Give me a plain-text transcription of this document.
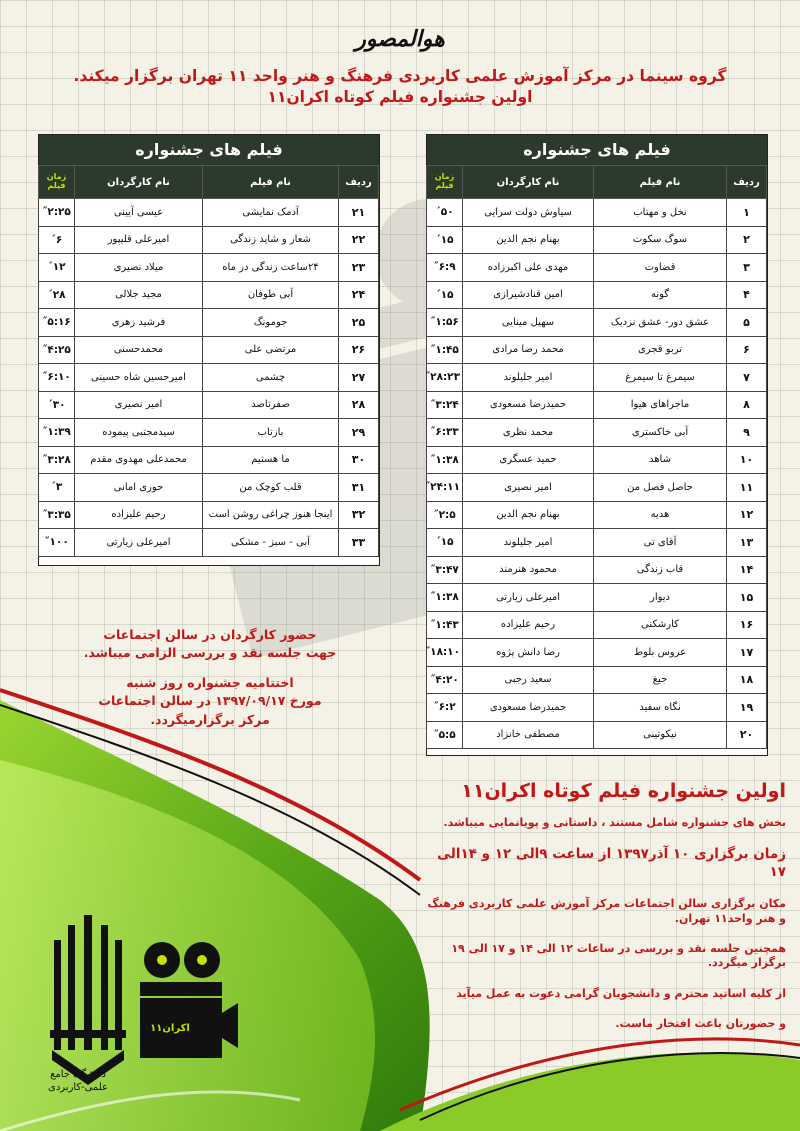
هوالمصور
گروه سینما در مرکز آموزش علمی کاربردی فرهنگ و هنر واحد ۱۱ تهران برگزار میکند.
اولین جشنواره فیلم کوتاه اکران۱۱
فیلم های جشنواره
ردیف	نام فیلم	نام کارگردان	زمان فیلم
۱	نخل و مهتاب	سیاوش دولت سرایی	۵۰´
۲	سوگ سکوت	بهنام نجم الدین	۱۵´
۳	قضاوت	مهدی علی اکبرزاده	۶:۹˝
۴	گونه	امین قنادشیرازی	۱۵´
۵	عشق دور- عشق نزدیک	سهیل مینایی	۱:۵۶˝
۶	تربو قجری	محمد رضا مرادی	۱:۴۵˝
۷	سیمرغ تا سیمرغ	امیر جلیلوند	۲۸:۲۳˝
۸	ماجراهای هیوا	حمیدرضا مسعودی	۳:۲۴˝
۹	آبی خاکستری	محمد نظری	۶:۳۳˝
۱۰	شاهد	حمید عسگری	۱:۳۸˝
۱۱	حاصل فصل من	امیر نصیری	۲۴:۱۱˝
۱۲	هدیه	بهنام نجم الدین	۲:۵˝
۱۳	آقای تی	امیر جلیلوند	۱۵´
۱۴	قاب زندگی	محمود هنرمند	۳:۴۷˝
۱۵	دیوار	امیرعلی زیارتی	۱:۳۸˝
۱۶	کارشکنی	رحیم علیزاده	۱:۴۳˝
۱۷	عروس بلوط	رضا دانش پژوه	۱۸:۱۰˝
۱۸	جیغ	سعید رجبی	۴:۲۰˝
۱۹	نگاه سفید	حمیدرضا مسعودی	۶:۲˝
۲۰	نیکوتینی	مصطفی خانزاد	۵:۵˝
فیلم های جشنواره
ردیف	نام فیلم	نام کارگردان	زمان فیلم
۲۱	آدمک نمایشی	عیسی آیینی	۲:۲۵˝
۲۲	شعار و شاید زندگی	امیرعلی قلیپور	۶´
۲۳	۲۴ساعت زندگی در ماه	میلاد نصیری	۱۲´
۲۴	آبی طوفان	مجید جلالی	۲۸´
۲۵	جومونگ	فرشید زهری	۵:۱۶˝
۲۶	مرتضی علی	محمدحسنی	۴:۲۵˝
۲۷	چشمی	امیرحسین شاه حسینی	۶:۱۰˝
۲۸	صفرتاصد	امیر نصیری	۳۰´
۲۹	بازتاب	سیدمجتبی پیموده	۱:۳۹˝
۳۰	ما هستیم	محمدعلی مهدوی مقدم	۳:۲۸˝
۳۱	قلب کوچک من	حوری امانی	۳´
۳۲	اینجا هنوز چراغی روشن است	رحیم علیزاده	۳:۳۵˝
۳۳	آبی - سبز - مشکی	امیرعلی زیارتی	۱۰۰˝

حضور کارگردان در سالن اجتماعات
جهت جلسه نقد و بررسی الزامی میباشد.

اختتامیه جشنواره روز شنبه
مورخ ۱۳۹۷/۰۹/۱۷ در سالن اجتماعات
مرکز برگزارمیگردد.

اولین جشنواره فیلم کوتاه اکران۱۱

بخش های جشنواره شامل مستند ، داستانی و پویانمایی میباشد.

زمان برگزاری ۱۰ آذر۱۳۹۷ از ساعت ۹الی ۱۲ و ۱۴الی ۱۷

مکان برگزاری سالن اجتماعات مرکز آموزش علمی کاربردی فرهنگ و هنر واحد۱۱ تهران.

همچنین جلسه نقد و بررسی در ساعات ۱۲ الی ۱۴ و ۱۷ الی ۱۹ برگزار میگردد.

از کلیه اساتید محترم و دانشجویان گرامی دعوت به عمل میآید

و حضورتان باعث افتخار ماست.

دانشگاه جامع
علمی-کاربردی
اکران۱۱
